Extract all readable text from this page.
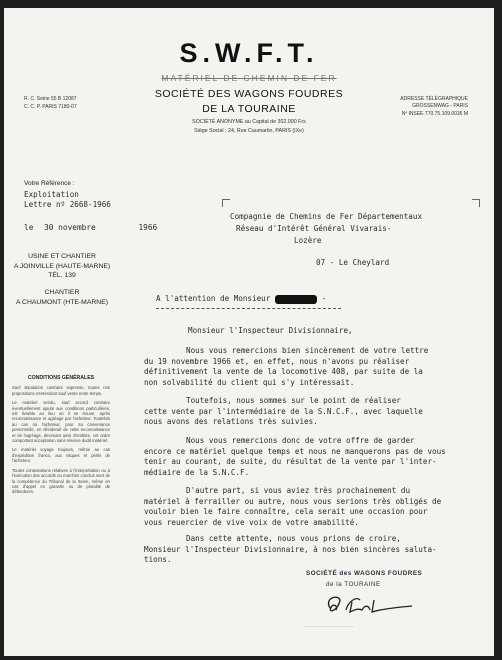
S.W.F.T.
MATÉRIEL DE CHEMIN DE FER
SOCIÉTÉ DES WAGONS FOUDRES
DE LA TOURAINE
SOCIÉTÉ ANONYME au Capital de 302.000 Frs
Siège Social : 24, Rue Caumartin, PARIS (IXe)
R. C. Seine 55 B 12087
C. C. P. PARIS 7180-07
ADRESSE TÉLÉGRAPHIQUE
GROSSENWAG - PARIS
Nº INSEE 770.75.109.0036 M
Votre Référence :
Exploitation
Lettre nº 2668-1966
le 30 novembre	1966
Compagnie de Chemins de Fer Départementaux
Réseau d'Intérêt Général Vivarais-
Lozère
07 - Le Cheylard
USINE ET CHANTIER
A JOINVILLE (HAUTE-MARNE)
TÉL. 139
CHANTIER
A CHAUMONT (HTE-MARNE)
CONDITIONS GÉNÉRALES

Sauf stipulation contraire expresse, toutes nos propositions s'entendent sauf vente entre temps.

Le matériel vendu, sauf accord contraire éventuellement ajouté aux conditions particulières, est livrable au lieu où il se trouve, après reconnaissance et agréage par l'acheteur. Toutefois au cas où l'acheteur, pour sa convenance personnelle, en déciderait de cette reconnaissance et de l'agréage, devenant ainsi d'emblée, cet ordre comportant acceptation sans réserve dudit matériel.

Le matériel voyage toujours, même au cas d'expédition franco, aux risques et périls de l'acheteur.

Toutes contestations relatives à l'interprétation ou à l'exécution des accords ou marchés conclus sont de la compétence du Tribunal de la Seine, même en cas d'appel en garantie ou de pluralité de défendeurs.

A l'attention de Monsieur	-
Monsieur l'Inspecteur Divisionnaire,
Nous vous remercions bien sincèrement de votre lettre
du 19 novembre 1966 et, en effet, nous n'avons pu réaliser
définitivement la vente de la locomotive 408, par suite de la
non solvabilité du client qui s'y intéressait.
Toutefois, nous sommes sur le point de réaliser
cette vente par l'intermédiaire de la S.N.C.F., avec laquelle
nous avons des relations très suivies.
Nous vous remercions donc de votre offre de garder
encore ce matériel quelque temps et nous ne manquerons pas de vous
tenir au courant, de suite, du résultat de la vente par l'inter-
médiaire de la S.N.C.F.
D'autre part, si vous aviez très prochainement du
matériel à ferrailler ou autre, nous vous serions très obligés de
vouloir bien le faire connaître, cela serait une occasion pour
vous reuercier de vive voix de votre amabilité.
Dans cette attente, nous vous prions de croire,
Monsieur l'Inspecteur Divisionnaire, à nos bien sincères saluta-
tions.
SOCIÉTÉ des WAGONS FOUDRES
de la TOURAINE
